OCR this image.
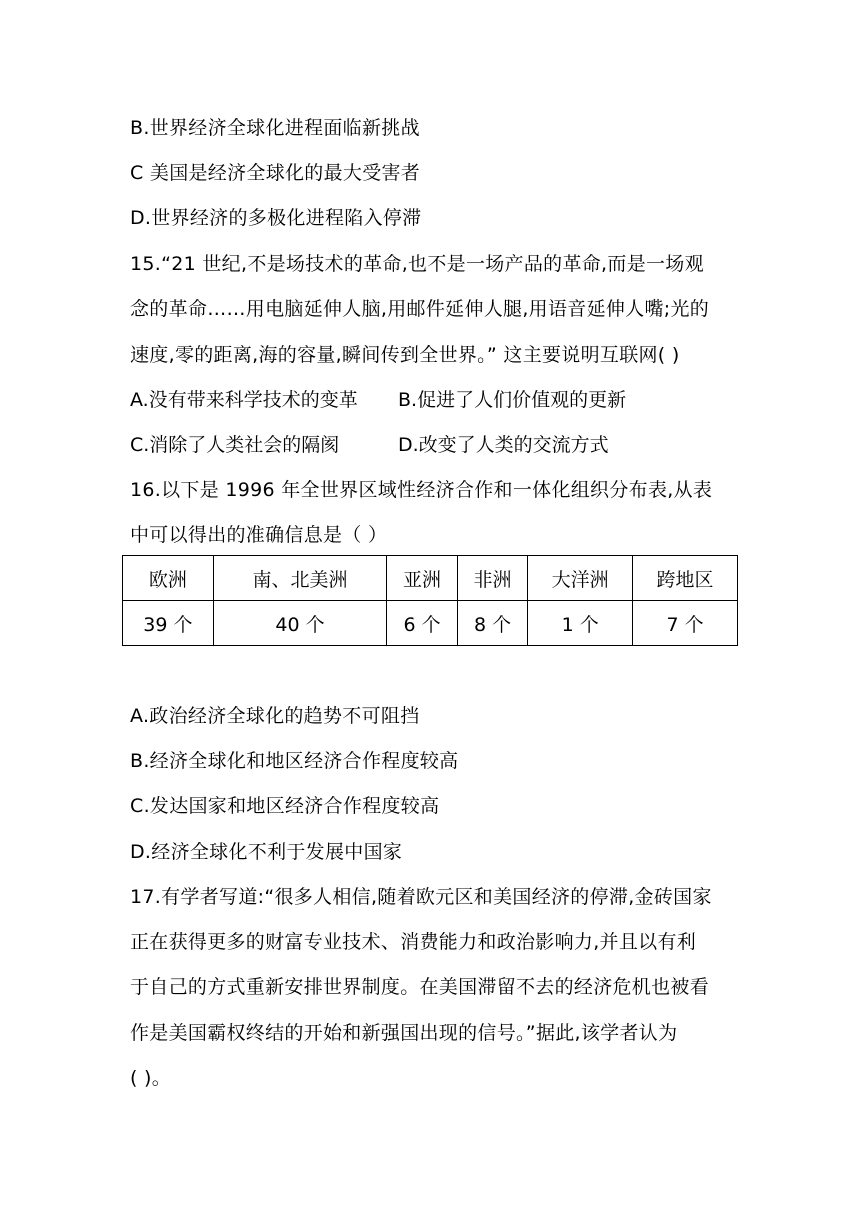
B.世界经济全球化进程面临新挑战
C 美国是经济全球化的最大受害者
D.世界经济的多极化进程陷入停滞
15.“21 世纪,不是场技术的革命,也不是一场产品的革命,而是一场观
念的革命……用电脑延伸人脑,用邮件延伸人腿,用语音延伸人嘴;光的
速度,零的距离,海的容量,瞬间传到全世界。” 这主要说明互联网( )
A.没有带来科学技术的变革 B.促进了人们价值观的更新
C.消除了人类社会的隔阂	D.改变了人类的交流方式
16.以下是 1996 年全世界区域性经济合作和一体化组织分布表,从表
中可以得出的准确信息是（ ）
欧洲	南、北美洲	亚洲	非洲	大洋洲	跨地区
39 个	40 个	6 个	8 个	1 个	7 个
A.政治经济全球化的趋势不可阻挡
B.经济全球化和地区经济合作程度较高
C.发达国家和地区经济合作程度较高
D.经济全球化不利于发展中国家
17.有学者写道:“很多人相信,随着欧元区和美国经济的停滞,金砖国家
正在获得更多的财富专业技术、消费能力和政治影响力,并且以有利
于自己的方式重新安排世界制度。在美国滞留不去的经济危机也被看
作是美国霸权终结的开始和新强国出现的信号。”据此,该学者认为
( )。
